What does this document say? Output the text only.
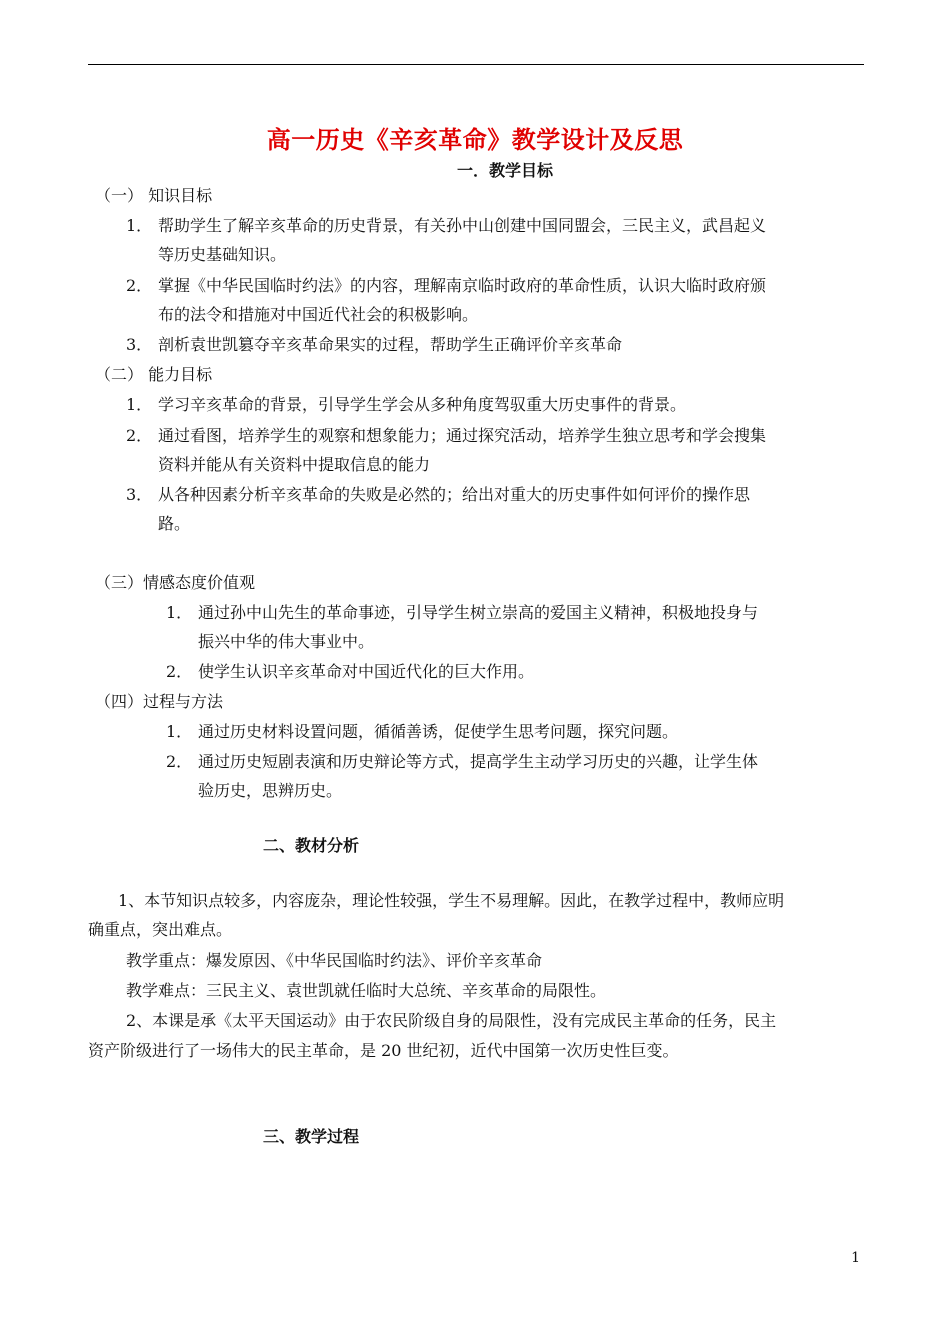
高一历史《辛亥革命》教学设计及反思
一．教学目标
（一） 知识目标
1． 帮助学生了解辛亥革命的历史背景，有关孙中山创建中国同盟会，三民主义，武昌起义
等历史基础知识。
2． 掌握《中华民国临时约法》的内容，理解南京临时政府的革命性质，认识大临时政府颁
布的法令和措施对中国近代社会的积极影响。
3． 剖析袁世凯篡夺辛亥革命果实的过程，帮助学生正确评价辛亥革命
（二） 能力目标
1． 学习辛亥革命的背景，引导学生学会从多种角度驾驭重大历史事件的背景。
2． 通过看图，培养学生的观察和想象能力；通过探究活动，培养学生独立思考和学会搜集
资料并能从有关资料中提取信息的能力
3． 从各种因素分析辛亥革命的失败是必然的；给出对重大的历史事件如何评价的操作思
路。
（三）情感态度价值观
1． 通过孙中山先生的革命事迹，引导学生树立崇高的爱国主义精神，积极地投身与
振兴中华的伟大事业中。
2． 使学生认识辛亥革命对中国近代化的巨大作用。
（四）过程与方法
1． 通过历史材料设置问题，循循善诱，促使学生思考问题，探究问题。
2． 通过历史短剧表演和历史辩论等方式，提高学生主动学习历史的兴趣，让学生体
验历史，思辨历史。
二、教材分析
1、本节知识点较多，内容庞杂，理论性较强，学生不易理解。因此，在教学过程中，教师应明
确重点，突出难点。
教学重点：爆发原因、《中华民国临时约法》、评价辛亥革命
教学难点：三民主义、袁世凯就任临时大总统、辛亥革命的局限性。
2、本课是承《太平天国运动》由于农民阶级自身的局限性，没有完成民主革命的任务，民主
资产阶级进行了一场伟大的民主革命，是 20 世纪初，近代中国第一次历史性巨变。
三、教学过程
1
